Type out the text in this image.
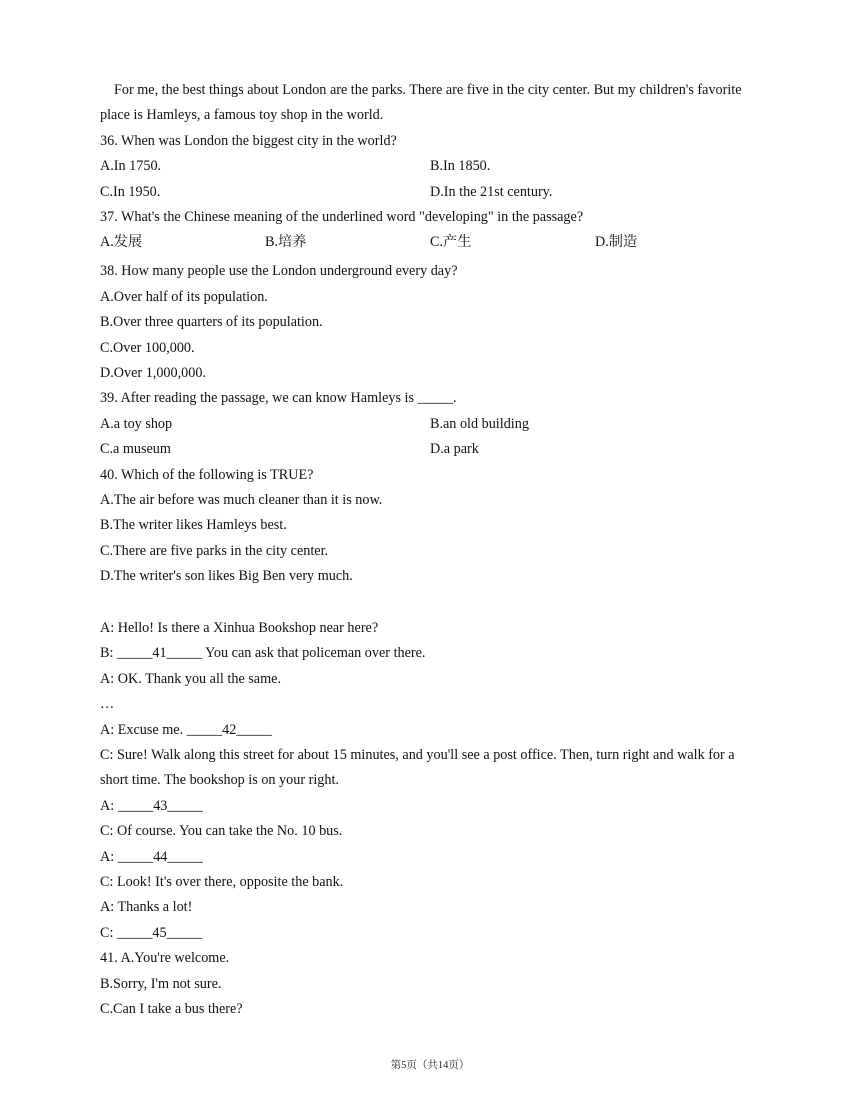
For me, the best things about London are the parks. There are five in the city center. But my children's favorite place is Hamleys, a famous toy shop in the world.
36. When was London the biggest city in the world?
A.In 1750.	B.In 1850.
C.In 1950.	D.In the 21st century.
37. What's the Chinese meaning of the underlined word "developing" in the passage?
A.发展	B.培养	C.产生	D.制造
38. How many people use the London underground every day?
A.Over half of its population.
B.Over three quarters of its population.
C.Over 100,000.
D.Over 1,000,000.
39. After reading the passage, we can know Hamleys is _____.
A.a toy shop	B.an old building
C.a museum	D.a park
40. Which of the following is TRUE?
A.The air before was much cleaner than it is now.
B.The writer likes Hamleys best.
C.There are five parks in the city center.
D.The writer's son likes Big Ben very much.
A: Hello! Is there a Xinhua Bookshop near here?
B: _____41_____ You can ask that policeman over there.
A: OK. Thank you all the same.
…
A: Excuse me. _____42_____
C: Sure! Walk along this street for about 15 minutes, and you'll see a post office. Then, turn right and walk for a short time. The bookshop is on your right.
A: _____43_____
C: Of course. You can take the No. 10 bus.
A: _____44_____
C: Look! It's over there, opposite the bank.
A: Thanks a lot!
C: _____45_____
41. A.You're welcome.
B.Sorry, I'm not sure.
C.Can I take a bus there?
第5页（共14页）
